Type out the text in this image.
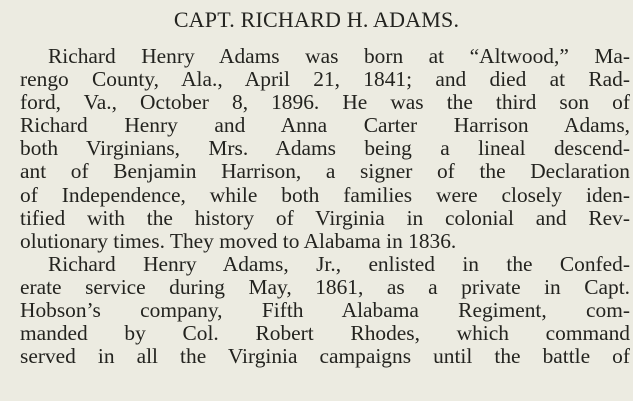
CAPT. RICHARD H. ADAMS.
Richard Henry Adams was born at “Altwood,” Ma-
rengo County, Ala., April 21, 1841; and died at Rad-
ford, Va., October 8, 1896. He was the third son of
Richard Henry and Anna Carter Harrison Adams,
both Virginians, Mrs. Adams being a lineal descend-
ant of Benjamin Harrison, a signer of the Declaration
of Independence, while both families were closely iden-
tified with the history of Virginia in colonial and Rev-
olutionary times. They moved to Alabama in 1836.
Richard Henry Adams, Jr., enlisted in the Confed-
erate service during May, 1861, as a private in Capt.
Hobson’s company, Fifth Alabama Regiment, com-
manded by Col. Robert Rhodes, which command
served in all the Virginia campaigns until the battle of
